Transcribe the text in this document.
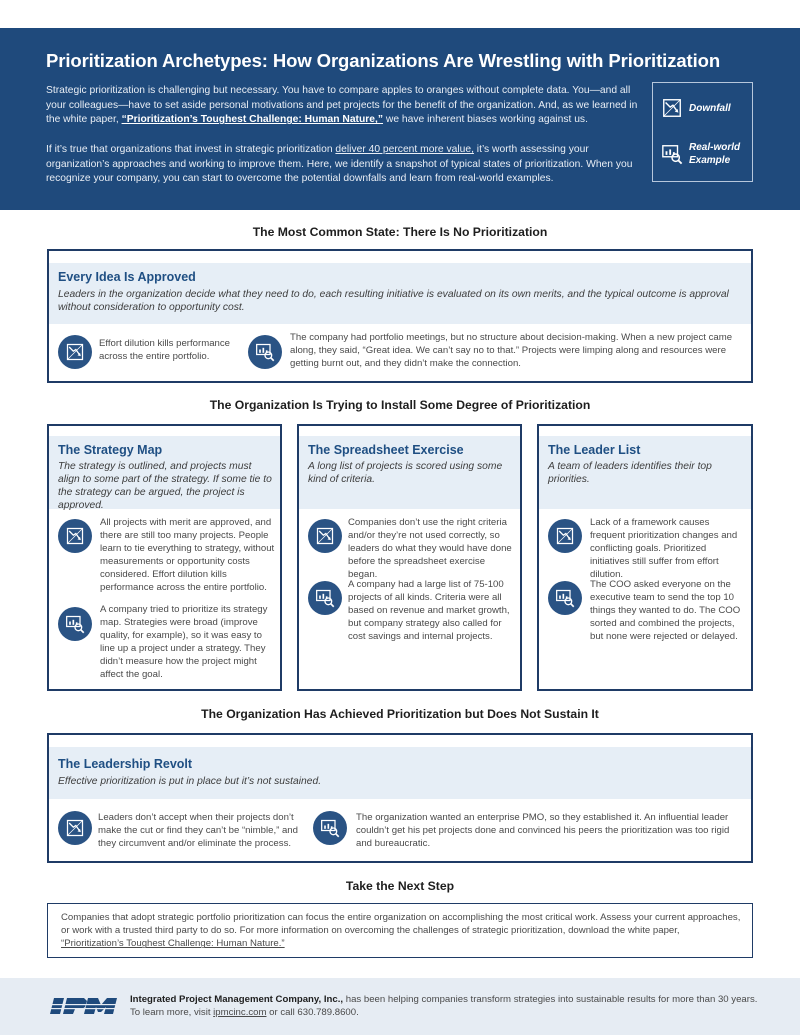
Prioritization Archetypes: How Organizations Are Wrestling with Prioritization

Strategic prioritization is challenging but necessary. You have to compare apples to oranges without complete data. You—and all your colleagues—have to set aside personal motivations and pet projects for the benefit of the organization. And, as we learned in the white paper, “Prioritization’s Toughest Challenge: Human Nature,” we have inherent biases working against us.

If it’s true that organizations that invest in strategic prioritization deliver 40 percent more value, it’s worth assessing your organization’s approaches and working to improve them. Here, we identify a snapshot of typical states of prioritization. When you recognize your company, you can start to overcome the potential downfalls and learn from real-world examples.

Downfall
Real-world
Example
The Most Common State: There Is No Prioritization
Every Idea Is Approved
Leaders in the organization decide what they need to do, each resulting initiative is evaluated on its own merits, and the typical outcome is approval without consideration to opportunity cost.
Effort dilution kills performance across the entire portfolio.
The company had portfolio meetings, but no structure about decision-making. When a new project came along, they said, “Great idea. We can’t say no to that.” Projects were limping along and resources were getting burnt out, and they didn’t make the connection.
The Organization Is Trying to Install Some Degree of Prioritization
The Strategy Map
The strategy is outlined, and projects must align to some part of the strategy. If some tie to the strategy can be argued, the project is approved.
All projects with merit are approved, and there are still too many projects. People learn to tie everything to strategy, without measurements or opportunity costs considered. Effort dilution kills performance across the entire portfolio.
A company tried to prioritize its strategy map. Strategies were broad (improve quality, for example), so it was easy to line up a project under a strategy. They didn’t measure how the project might affect the goal.
The Spreadsheet Exercise
A long list of projects is scored using some kind of criteria.
Companies don’t use the right criteria and/or they’re not used correctly, so leaders do what they would have done before the spreadsheet exercise began.
A company had a large list of 75-100 projects of all kinds. Criteria were all based on revenue and market growth, but company strategy also called for cost savings and internal projects.
The Leader List
A team of leaders identifies their top priorities.
Lack of a framework causes frequent prioritization changes and conflicting goals. Prioritized initiatives still suffer from effort dilution.
The COO asked everyone on the executive team to send the top 10 things they wanted to do. The COO sorted and combined the projects, but none were rejected or delayed.
The Organization Has Achieved Prioritization but Does Not Sustain It
The Leadership Revolt
Effective prioritization is put in place but it’s not sustained.
Leaders don’t accept when their projects don’t make the cut or find they can’t be “nimble,” and they circumvent and/or eliminate the process.
The organization wanted an enterprise PMO, so they established it. An influential leader couldn’t get his pet projects done and convinced his peers the prioritization was too rigid and bureaucratic.
Take the Next Step

Companies that adopt strategic portfolio prioritization can focus the entire organization on accomplishing the most critical work. Assess your current approaches, or work with a trusted third party to do so. For more information on overcoming the challenges of strategic prioritization, download the white paper, “Prioritization’s Toughest Challenge: Human Nature.”

IPM	Integrated Project Management Company, Inc., has been helping companies transform strategies into sustainable results for more than 30 years.
To learn more, visit ipmcinc.com or call 630.789.8600.
